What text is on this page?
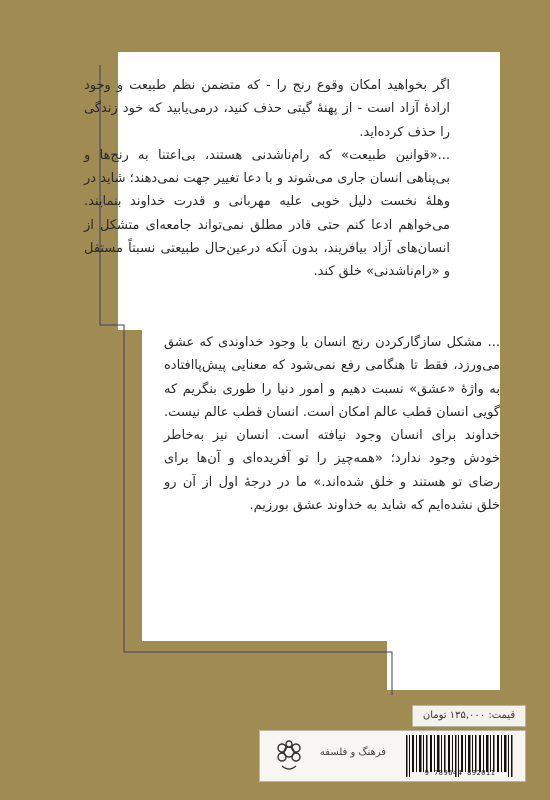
اگر بخواهید امکان وقوع رنج را - که متضمن نظم طبیعت و وجود ارادۀ آزاد است - از پهنۀ گیتی حذف کنید، درمی‌یابید که خود زندگی را حذف کرده‌اید.

...«قوانین طبیعت» که رام‌ناشدنی هستند، بی‌اعتنا به رنج‌ها و بی‌پناهی انسان جاری می‌شوند و با دعا تغییر جهت نمی‌دهند؛ شاید در وهلۀ نخست دلیل خوبی علیه مهربانی و قدرت خداوند بنمایند. می‌خواهم ادعا کنم حتی قادر مطلق نمی‌تواند جامعه‌ای متشکل از انسان‌های آزاد بیافریند، بدون آنکه درعین‌حال طبیعتی نسبتاً مستقل و «رام‌ناشدنی» خلق کند.

... مشکل سازگارکردن رنج انسان با وجود خداوندی که عشق می‌ورزد، فقط تا هنگامی رفع نمی‌شود که معنایی پیش‌پاافتاده به واژۀ «عشق» نسبت دهیم و امور دنیا را طوری بنگریم که گویی انسان قطب عالم امکان است. انسان قطب عالم نیست. خداوند برای انسان وجود نیافته است. انسان نیز به‌خاطر خودش وجود ندارد؛ «همه‌چیز را تو آفریده‌ای و آن‌ها برای رضای تو هستند و خلق شده‌اند.» ما در درجۀ اول از آن رو خلق نشده‌ایم که شاید به خداوند عشق بورزیم.

قیمت: ۱۳۵,۰۰۰ تومان
فرهنگ و فلسفه
9 789644 892011
